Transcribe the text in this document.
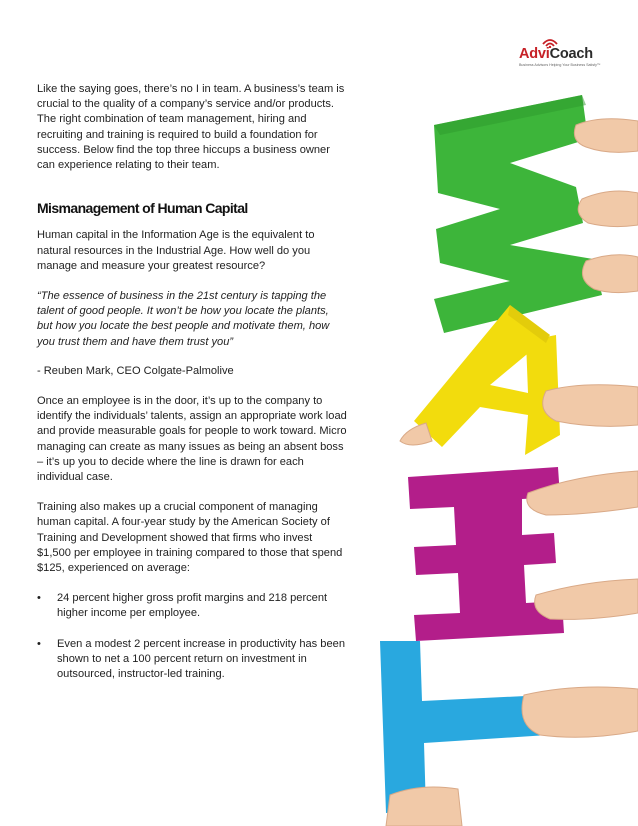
AdviCoach
Business Advisors Helping Your Business Satisfy™

Like the saying goes, there’s no I in team. A business’s team is crucial to the quality of a company’s service and/or products. The right combination of team management, hiring and recruiting and training is required to build a foundation for success. Below find the top three hiccups a business owner can experience relating to their team.

Mismanagement of Human Capital

Human capital in the Information Age is the equivalent to natural resources in the Industrial Age. How well do you manage and measure your greatest resource?

“The essence of business in the 21st century is tapping the talent of good people. It won’t be how you locate the plants, but how you locate the best people and motivate them, how you trust them and have them trust you”

- Reuben Mark, CEO Colgate-Palmolive

Once an employee is in the door, it’s up to the company to identify the individuals’ talents, assign an appropriate work load and provide measurable goals for people to work toward. Micro managing can create as many issues as being an absent boss – it’s up you to decide where the line is drawn for each individual case.

Training also makes up a crucial component of managing human capital. A four-year study by the American Society of Training and Development showed that firms who invest $1,500 per employee in training compared to those that spend $125, experienced on average:

• 24 percent higher gross profit margins and 218 percent higher income per employee.
• Even a modest 2 percent increase in productivity has been shown to net a 100 percent return on investment in outsourced, instructor-led training.
